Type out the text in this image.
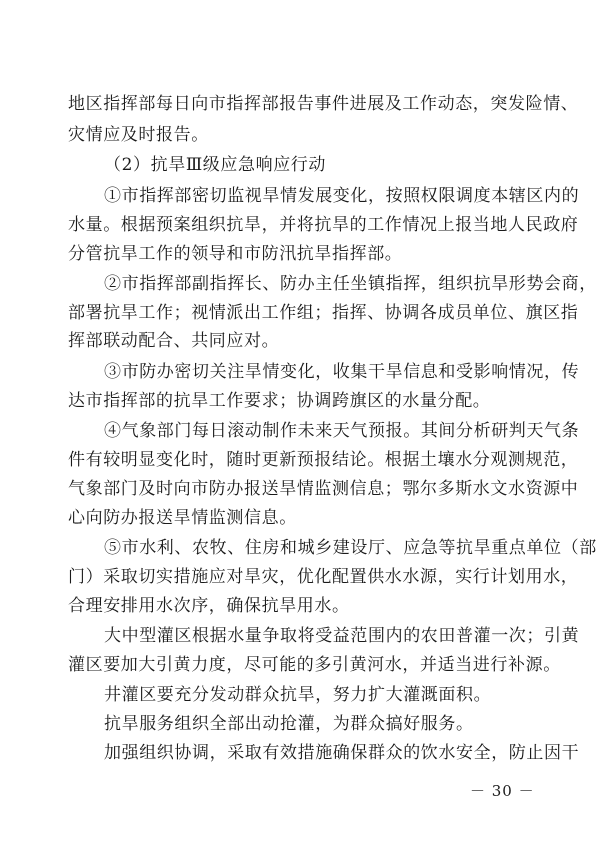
地区指挥部每日向市指挥部报告事件进展及工作动态，突发险情、
灾情应及时报告。
（2）抗旱Ⅲ级应急响应行动
①市指挥部密切监视旱情发展变化，按照权限调度本辖区内的
水量。根据预案组织抗旱，并将抗旱的工作情况上报当地人民政府
分管抗旱工作的领导和市防汛抗旱指挥部。
②市指挥部副指挥长、防办主任坐镇指挥，组织抗旱形势会商，
部署抗旱工作；视情派出工作组；指挥、协调各成员单位、旗区指
挥部联动配合、共同应对。
③市防办密切关注旱情变化，收集干旱信息和受影响情况，传
达市指挥部的抗旱工作要求；协调跨旗区的水量分配。
④气象部门每日滚动制作未来天气预报。其间分析研判天气条
件有较明显变化时，随时更新预报结论。根据土壤水分观测规范，
气象部门及时向市防办报送旱情监测信息；鄂尔多斯水文水资源中
心向防办报送旱情监测信息。
⑤市水利、农牧、住房和城乡建设厅、应急等抗旱重点单位（部
门）采取切实措施应对旱灾，优化配置供水水源，实行计划用水，
合理安排用水次序，确保抗旱用水。
大中型灌区根据水量争取将受益范围内的农田普灌一次；引黄
灌区要加大引黄力度，尽可能的多引黄河水，并适当进行补源。
井灌区要充分发动群众抗旱，努力扩大灌溉面积。
抗旱服务组织全部出动抢灌，为群众搞好服务。
加强组织协调，采取有效措施确保群众的饮水安全，防止因干
－ 30 －
